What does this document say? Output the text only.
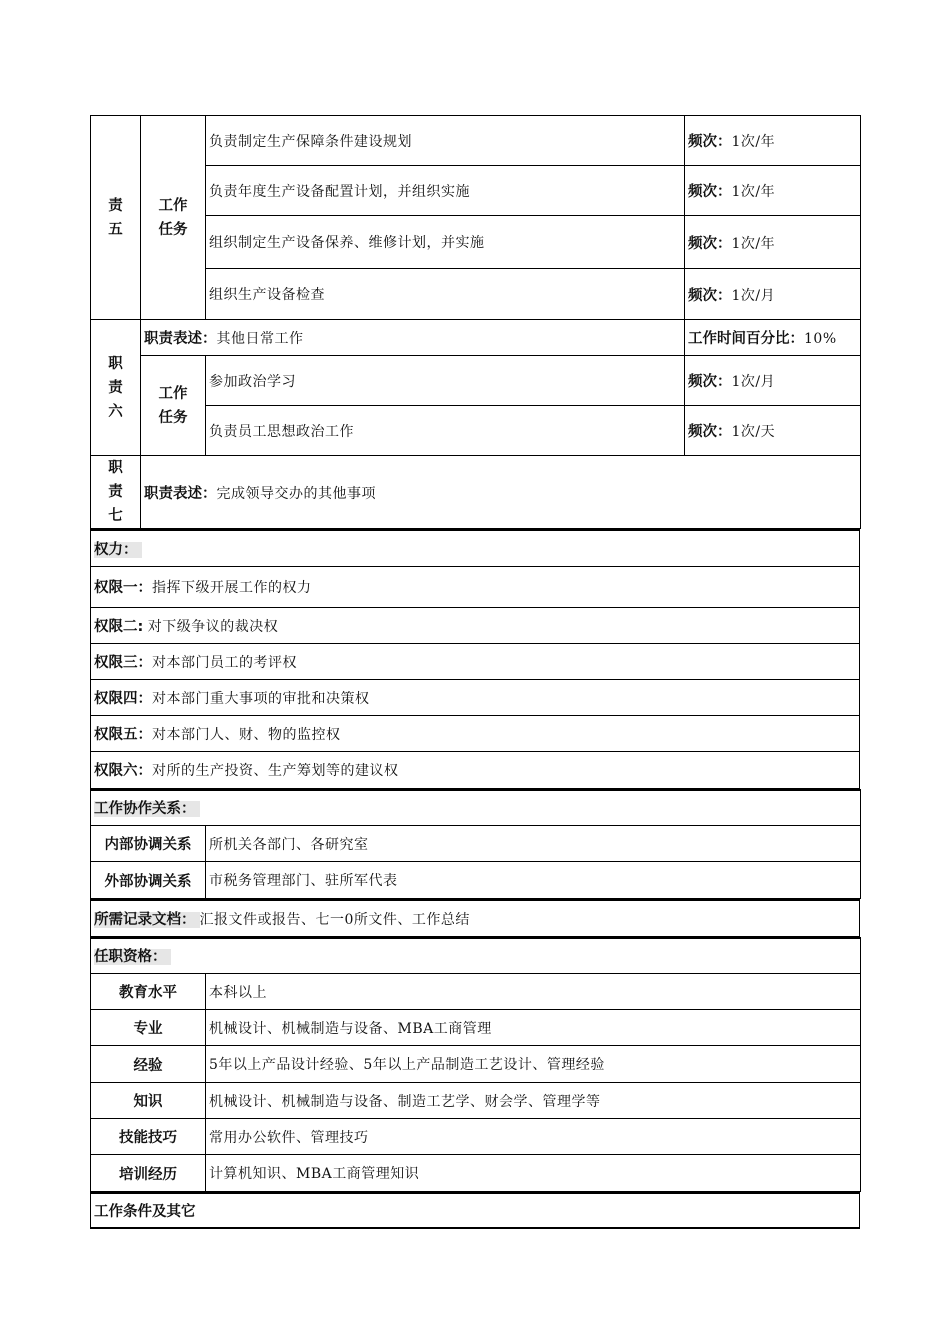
责五	工作任务	负责制定生产保障条件建设规划	频次：1次/年
		负责年度生产设备配置计划，并组织实施	频次：1次/年
		组织制定生产设备保养、维修计划，并实施	频次：1次/年
		组织生产设备检查	频次：1次/月
职责六	职责表述：其他日常工作		工作时间百分比：10%
	工作任务	参加政治学习	频次：1次/月
		负责员工思想政治工作	频次：1次/天
职责七	职责表述：完成领导交办的其他事项		
权力：
权限一：指挥下级开展工作的权力
权限二: 对下级争议的裁决权
权限三：对本部门员工的考评权
权限四：对本部门重大事项的审批和决策权
权限五：对本部门人、财、物的监控权
权限六：对所的生产投资、生产筹划等的建议权
工作协作关系：	
内部协调关系	所机关各部门、各研究室
外部协调关系	市税务管理部门、驻所军代表
所需记录文档： 汇报文件或报告、七一0所文件、工作总结
任职资格：	
教育水平	本科以上
专业	机械设计、机械制造与设备、MBA工商管理
经验	5年以上产品设计经验、5年以上产品制造工艺设计、管理经验
知识	机械设计、机械制造与设备、制造工艺学、财会学、管理学等
技能技巧	常用办公软件、管理技巧
培训经历	计算机知识、MBA工商管理知识
工作条件及其它
